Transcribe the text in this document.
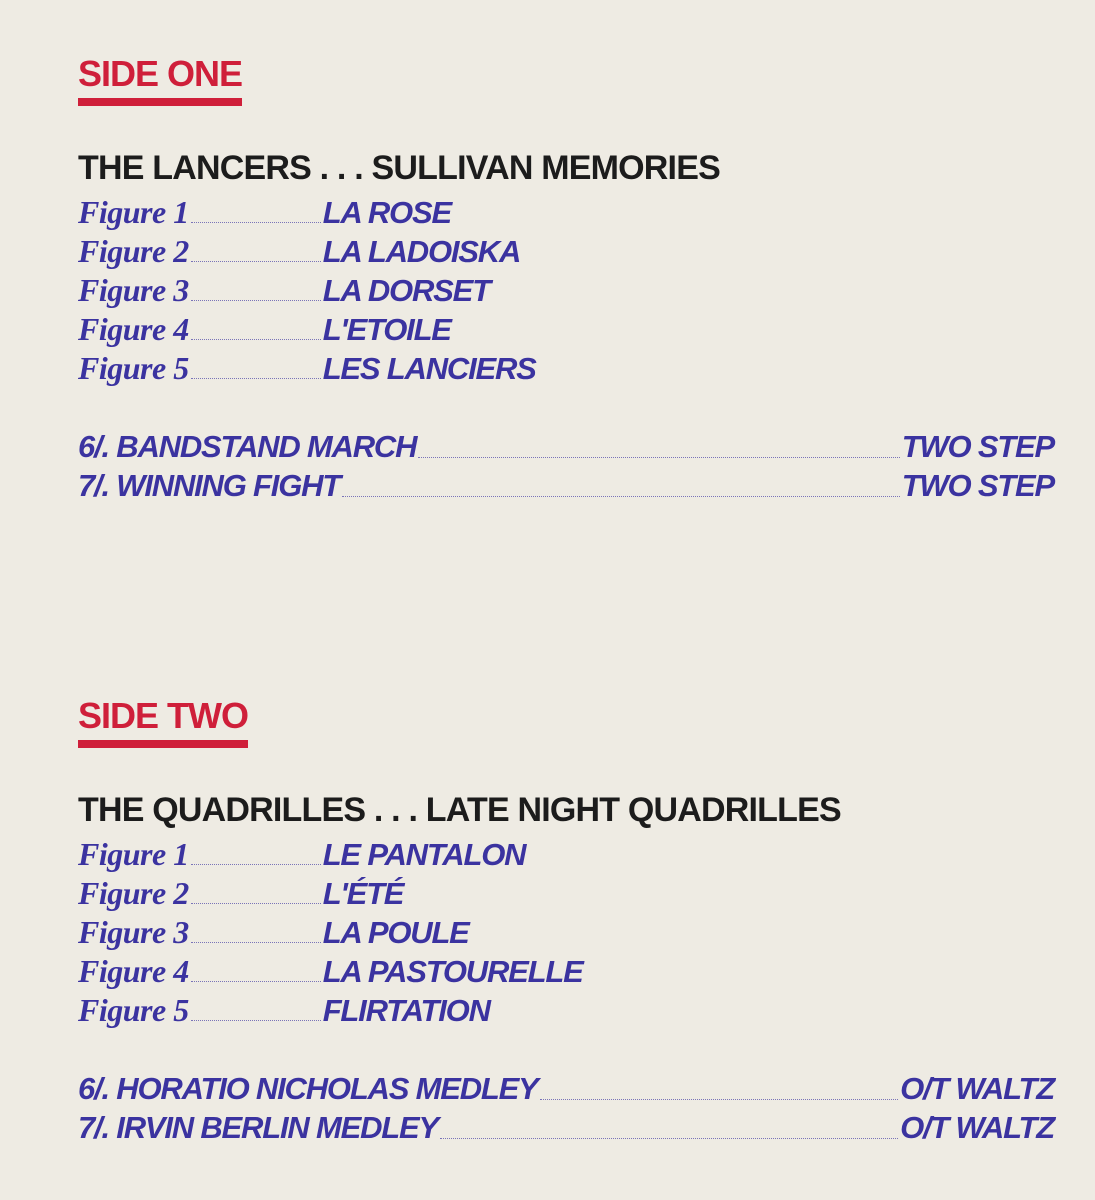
SIDE ONE
THE LANCERS . . . SULLIVAN MEMORIES
Figure 1	LA ROSE
Figure 2	LA LADOISKA
Figure 3	LA DORSET
Figure 4	L'ETOILE
Figure 5	LES LANCIERS
6/. BANDSTAND MARCH	TWO STEP
7/. WINNING FIGHT	TWO STEP
SIDE TWO
THE QUADRILLES . . . LATE NIGHT QUADRILLES
Figure 1	LE PANTALON
Figure 2	L'ÉTÉ
Figure 3	LA POULE
Figure 4	LA PASTOURELLE
Figure 5	FLIRTATION
6/. HORATIO NICHOLAS MEDLEY	O/T WALTZ
7/. IRVIN BERLIN MEDLEY	O/T WALTZ
